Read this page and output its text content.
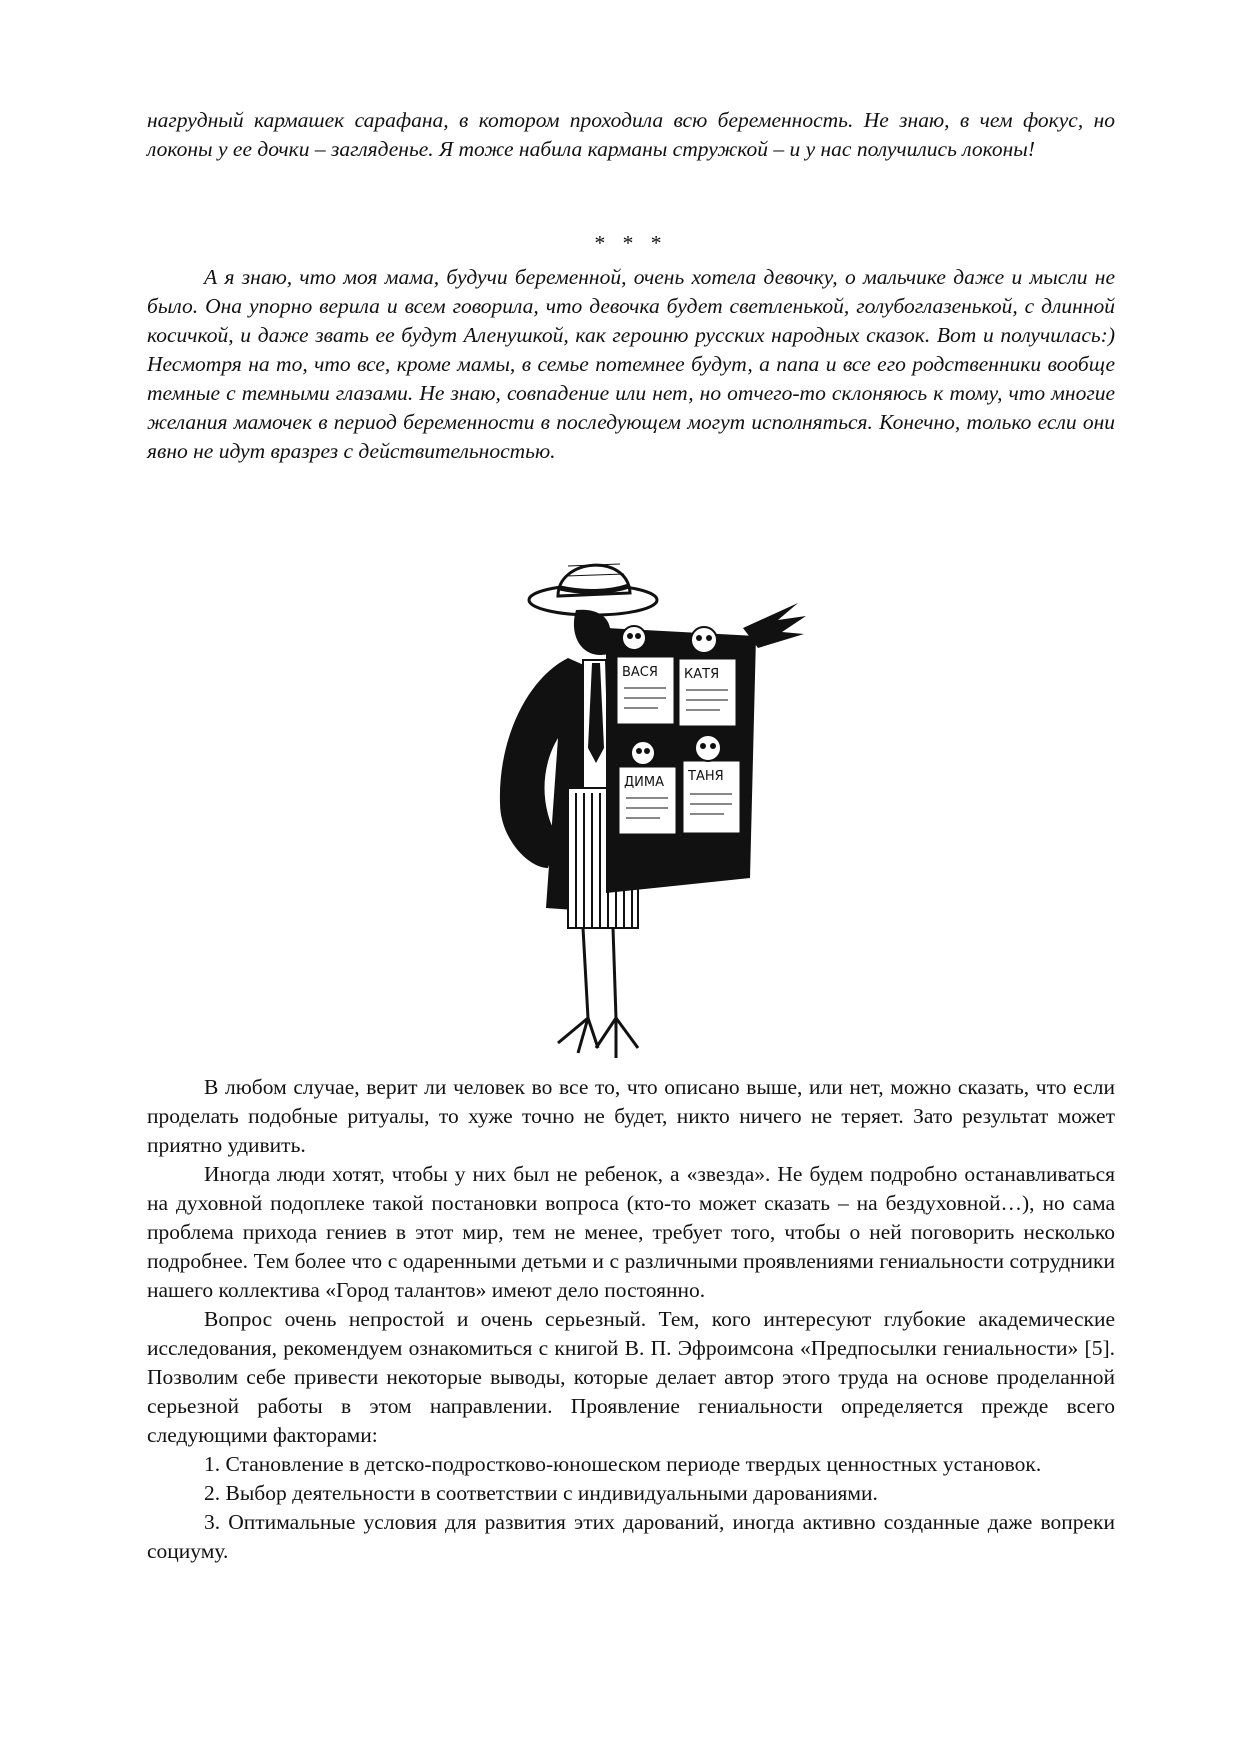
нагрудный кармашек сарафана, в котором проходила всю беременность. Не знаю, в чем фокус, но локоны у ее дочки – загляденье. Я тоже набила карманы стружкой – и у нас получились локоны!

* * *

А я знаю, что моя мама, будучи беременной, очень хотела девочку, о мальчике даже и мысли не было. Она упорно верила и всем говорила, что девочка будет светленькой, голубоглазенькой, с длинной косичкой, и даже звать ее будут Аленушкой, как героиню русских народных сказок. Вот и получилась:) Несмотря на то, что все, кроме мамы, в семье потемнее будут, а папа и все его родственники вообще темные с темными глазами. Не знаю, совпадение или нет, но отчего-то склоняюсь к тому, что многие желания мамочек в период беременности в последующем могут исполняться. Конечно, только если они явно не идут вразрез с действительностью.

ВАСЯ КАТЯ
ДИМА ТАНЯ

В любом случае, верит ли человек во все то, что описано выше, или нет, можно сказать, что если проделать подобные ритуалы, то хуже точно не будет, никто ничего не теряет. Зато результат может приятно удивить.

Иногда люди хотят, чтобы у них был не ребенок, а «звезда». Не будем подробно останавливаться на духовной подоплеке такой постановки вопроса (кто-то может сказать – на бездуховной…), но сама проблема прихода гениев в этот мир, тем не менее, требует того, чтобы о ней поговорить несколько подробнее. Тем более что с одаренными детьми и с различными проявлениями гениальности сотрудники нашего коллектива «Город талантов» имеют дело постоянно.

Вопрос очень непростой и очень серьезный. Тем, кого интересуют глубокие академические исследования, рекомендуем ознакомиться с книгой В. П. Эфроимсона «Предпосылки гениальности» [5]. Позволим себе привести некоторые выводы, которые делает автор этого труда на основе проделанной серьезной работы в этом направлении. Проявление гениальности определяется прежде всего следующими факторами:

1. Становление в детско-подростково-юношеском периоде твердых ценностных установок.

2. Выбор деятельности в соответствии с индивидуальными дарованиями.

3. Оптимальные условия для развития этих дарований, иногда активно созданные даже вопреки социуму.
